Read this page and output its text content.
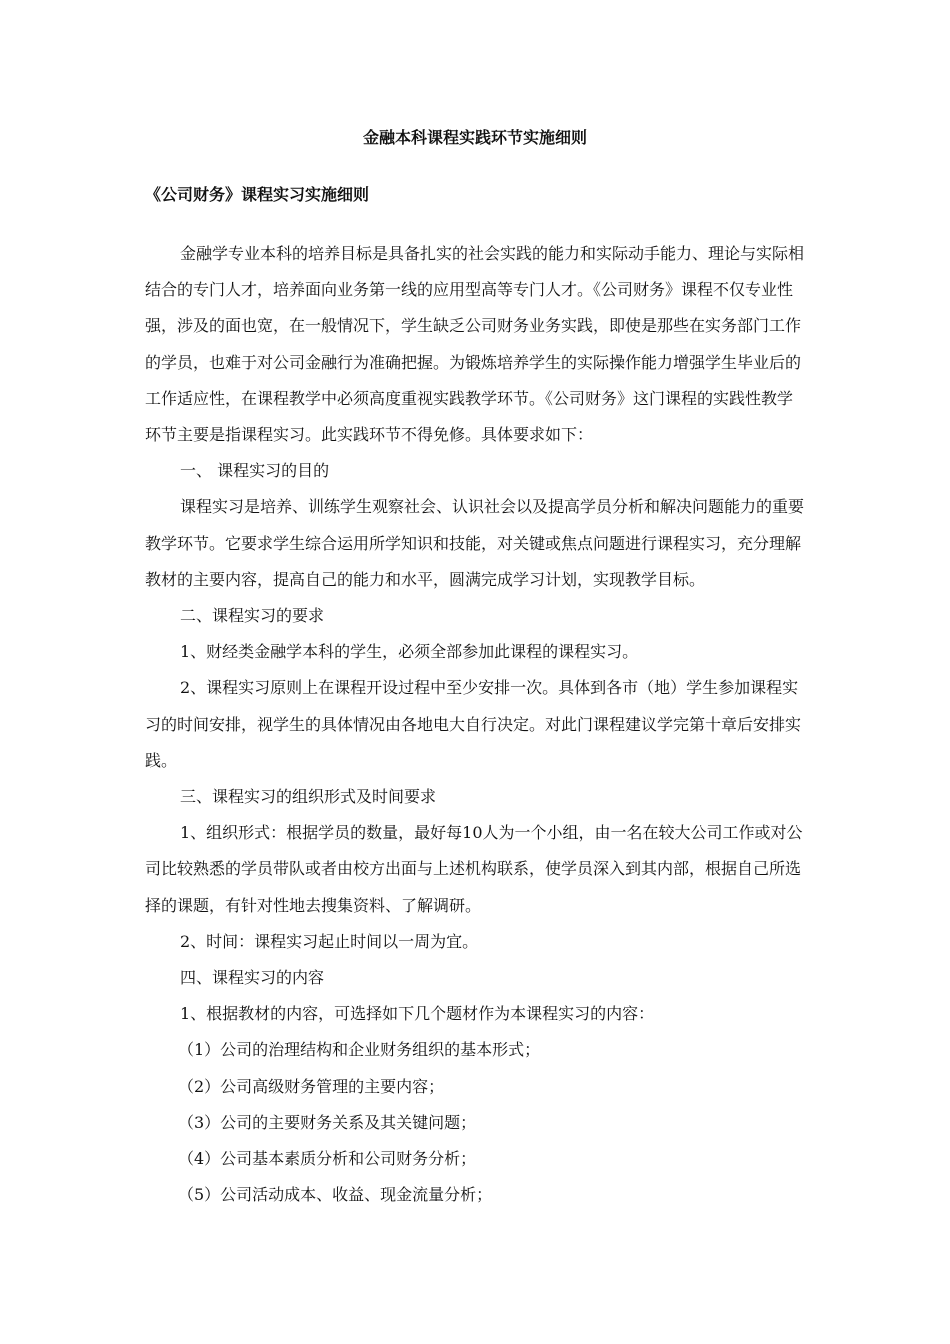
金融本科课程实践环节实施细则
《公司财务》课程实习实施细则

金融学专业本科的培养目标是具备扎实的社会实践的能力和实际动手能力、理论与实际相结合的专门人才，培养面向业务第一线的应用型高等专门人才。《公司财务》课程不仅专业性强，涉及的面也宽，在一般情况下，学生缺乏公司财务业务实践，即使是那些在实务部门工作的学员，也难于对公司金融行为准确把握。为锻炼培养学生的实际操作能力增强学生毕业后的工作适应性，在课程教学中必须高度重视实践教学环节。《公司财务》这门课程的实践性教学环节主要是指课程实习。此实践环节不得免修。具体要求如下：

一、 课程实习的目的

课程实习是培养、训练学生观察社会、认识社会以及提高学员分析和解决问题能力的重要教学环节。它要求学生综合运用所学知识和技能，对关键或焦点问题进行课程实习，充分理解教材的主要内容，提高自己的能力和水平，圆满完成学习计划，实现教学目标。

二、课程实习的要求

1、财经类金融学本科的学生，必须全部参加此课程的课程实习。

2、课程实习原则上在课程开设过程中至少安排一次。具体到各市（地）学生参加课程实习的时间安排，视学生的具体情况由各地电大自行决定。对此门课程建议学完第十章后安排实践。

三、课程实习的组织形式及时间要求

1、组织形式：根据学员的数量，最好每10人为一个小组，由一名在较大公司工作或对公司比较熟悉的学员带队或者由校方出面与上述机构联系，使学员深入到其内部，根据自己所选择的课题，有针对性地去搜集资料、了解调研。

2、时间：课程实习起止时间以一周为宜。

四、课程实习的内容

1、根据教材的内容，可选择如下几个题材作为本课程实习的内容：

（1）公司的治理结构和企业财务组织的基本形式；

（2）公司高级财务管理的主要内容；

（3）公司的主要财务关系及其关键问题；

（4）公司基本素质分析和公司财务分析；

（5）公司活动成本、收益、现金流量分析；
